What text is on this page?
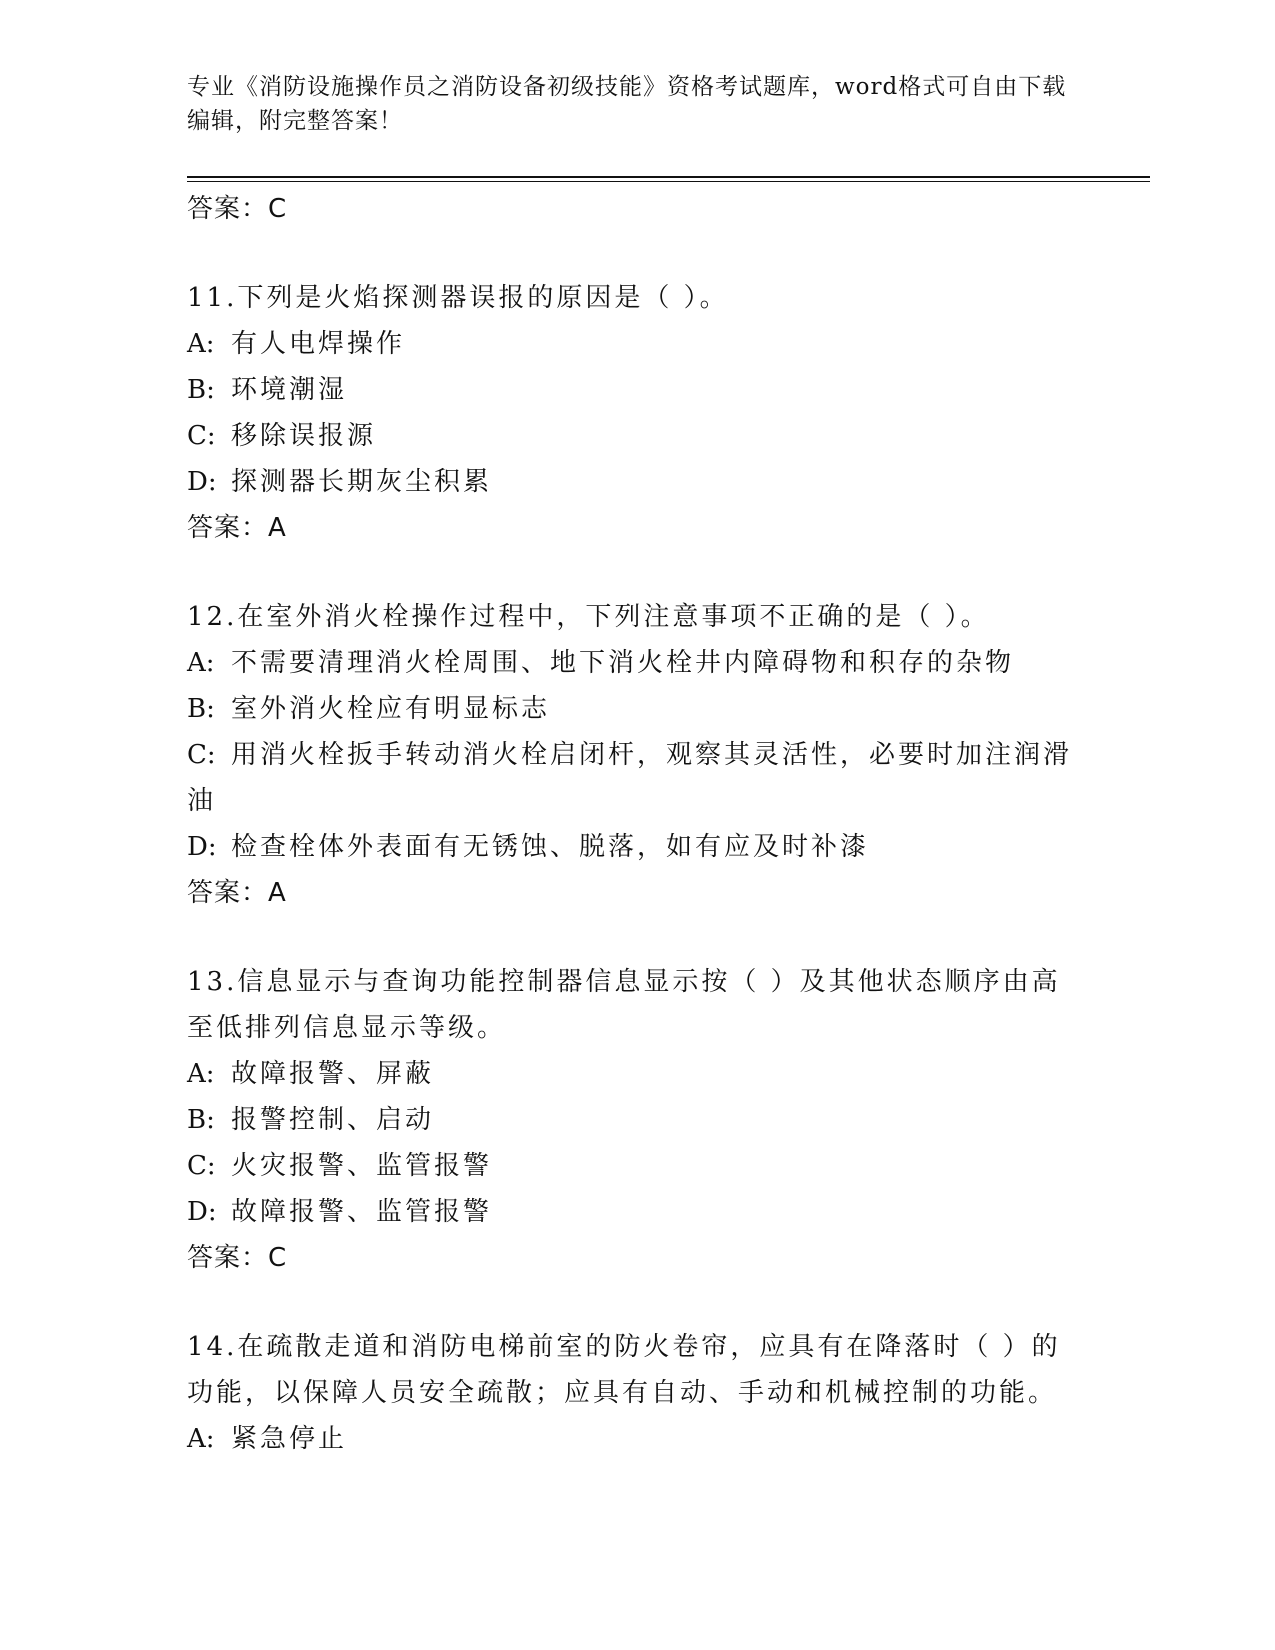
专业《消防设施操作员之消防设备初级技能》资格考试题库，word格式可自由下载编辑，附完整答案！
答案：C
11.下列是火焰探测器误报的原因是（ ）。
A: 有人电焊操作
B: 环境潮湿
C: 移除误报源
D: 探测器长期灰尘积累
答案：A
12.在室外消火栓操作过程中，下列注意事项不正确的是（ ）。
A: 不需要清理消火栓周围、地下消火栓井内障碍物和积存的杂物
B: 室外消火栓应有明显标志
C: 用消火栓扳手转动消火栓启闭杆，观察其灵活性，必要时加注润滑油
D: 检查栓体外表面有无锈蚀、脱落，如有应及时补漆
答案：A
13.信息显示与查询功能控制器信息显示按（ ）及其他状态顺序由高至低排列信息显示等级。
A: 故障报警、屏蔽
B: 报警控制、启动
C: 火灾报警、监管报警
D: 故障报警、监管报警
答案：C
14.在疏散走道和消防电梯前室的防火卷帘，应具有在降落时（ ）的功能，以保障人员安全疏散；应具有自动、手动和机械控制的功能。
A: 紧急停止
